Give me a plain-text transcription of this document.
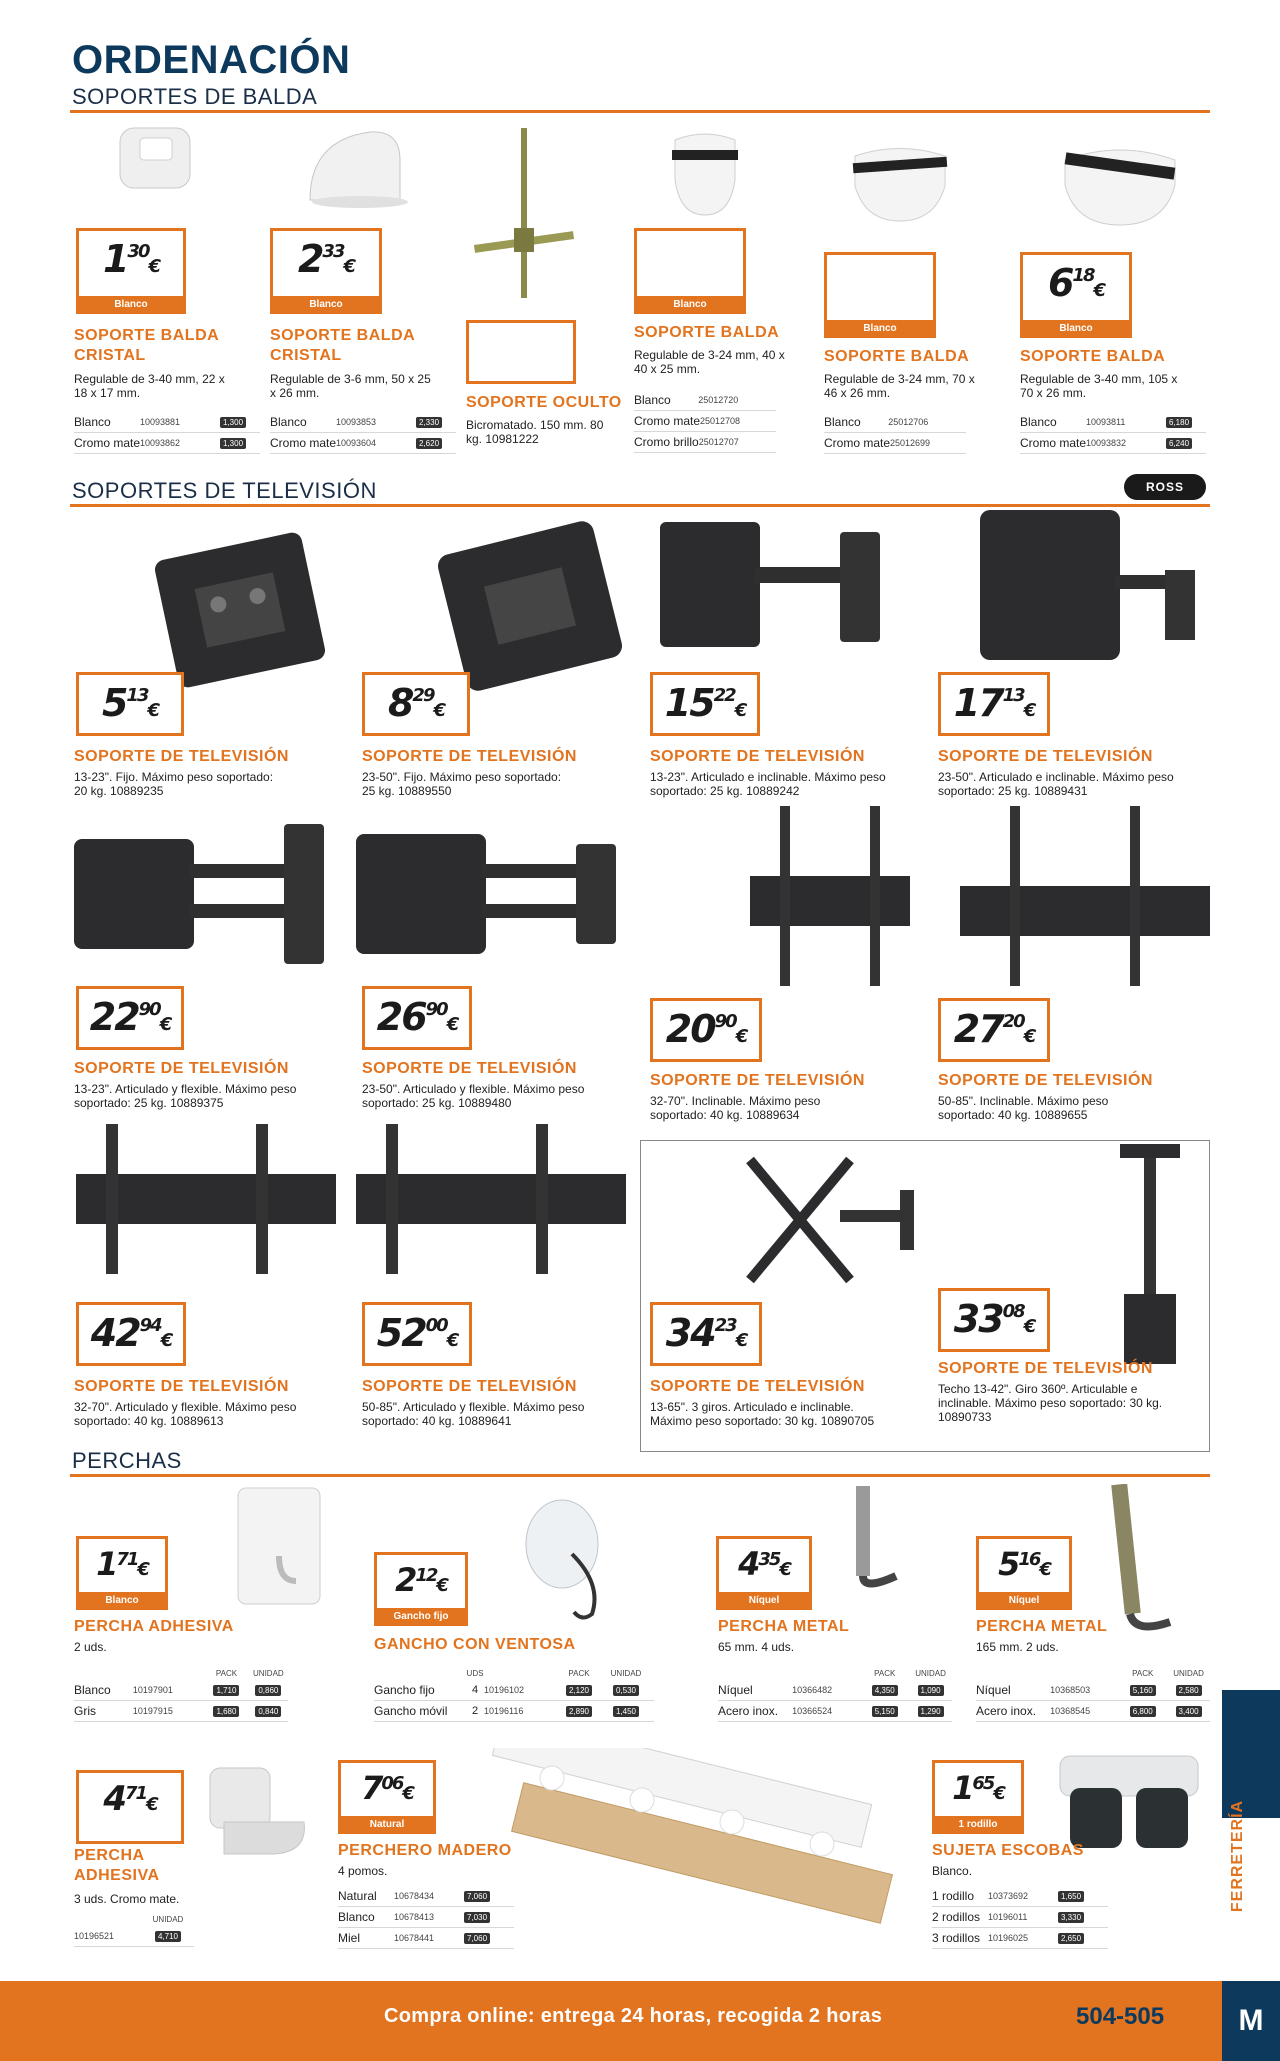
ORDENACIÓN
SOPORTES DE BALDA
$1^{30}€$
Blanco
SOPORTE BALDA CRISTAL
Regulable de 3-40 mm, 22 x 18 x 17 mm.
Blanco	10093881	1,300
Cromo mate 10093862	1,300
$2^{33}€$
Blanco
SOPORTE BALDA CRISTAL
Regulable de 3-6 mm, 50 x 25 x 26 mm.
Blanco	10093853	2,330
Cromo mate 10093604	2,620
SOPORTE OCULTO
Bicromatado. 150 mm. 80 kg. 10981222
Blanco
SOPORTE BALDA
Regulable de 3-24 mm, 40 x 40 x 25 mm.
Blanco	25012720
Cromo mate 25012708
Cromo brillo 25012707
Blanco
SOPORTE BALDA
Regulable de 3-24 mm, 70 x 46 x 26 mm.
Blanco	25012706
Cromo mate 25012699
$6^{18}€$
Blanco
SOPORTE BALDA
Regulable de 3-40 mm, 105 x 70 x 26 mm.
Blanco	10093811	6,180
Cromo mate 10093832	6,240
SOPORTES DE TELEVISIÓN	ROSS
$5^{13}€$
SOPORTE DE TELEVISIÓN
13-23". Fijo. Máximo peso soportado: 20 kg. 10889235
$8^{29}€$
SOPORTE DE TELEVISIÓN
23-50". Fijo. Máximo peso soportado: 25 kg. 10889550
$15^{22}€$
SOPORTE DE TELEVISIÓN
13-23". Articulado e inclinable. Máximo peso soportado: 25 kg. 10889242
$17^{13}€$
SOPORTE DE TELEVISIÓN
23-50". Articulado e inclinable. Máximo peso soportado: 25 kg. 10889431
$22^{90}€$
SOPORTE DE TELEVISIÓN
13-23". Articulado y flexible. Máximo peso soportado: 25 kg. 10889375
$26^{90}€$
SOPORTE DE TELEVISIÓN
23-50". Articulado y flexible. Máximo peso soportado: 25 kg. 10889480
$20^{90}€$
SOPORTE DE TELEVISIÓN
32-70". Inclinable. Máximo peso soportado: 40 kg. 10889634
$27^{20}€$
SOPORTE DE TELEVISIÓN
50-85". Inclinable. Máximo peso soportado: 40 kg. 10889655
$42^{94}€$
SOPORTE DE TELEVISIÓN
32-70". Articulado y flexible. Máximo peso soportado: 40 kg. 10889613
$52^{00}€$
SOPORTE DE TELEVISIÓN
50-85". Articulado y flexible. Máximo peso soportado: 40 kg. 10889641
$34^{23}€$
SOPORTE DE TELEVISIÓN
13-65". 3 giros. Articulado e inclinable. Máximo peso soportado: 30 kg. 10890705
$33^{08}€$
SOPORTE DE TELEVISIÓN
Techo 13-42". Giro 360º. Articulable e inclinable. Máximo peso soportado: 30 kg. 10890733
PERCHAS
$1^{71}€$
Blanco
PERCHA ADHESIVA
2 uds.
PACK	UNIDAD
Blanco	10197901	1,710	0,860
Gris	10197915	1,680	0,840
$2^{12}€$
Gancho fijo
GANCHO CON VENTOSA
UDS	PACK	UNIDAD
Gancho fijo	4 10196102	2,120	0,530
Gancho móvil	2 10196116	2,890	1,450
$4^{35}€$
Níquel
PERCHA METAL
65 mm. 4 uds.
PACK	UNIDAD
Níquel	10366482	4,350	1,090
Acero inox.	10366524	5,150	1,290
$5^{16}€$
Níquel
PERCHA METAL
165 mm. 2 uds.
PACK	UNIDAD
Níquel	10368503	5,160	2,580
Acero inox.	10368545	6,800	3,400
$4^{71}€$
PERCHA ADHESIVA
3 uds. Cromo mate.
UNIDAD
10196521	4,710
$7^{06}€$
Natural
PERCHERO MADERO
4 pomos.
Natural	10678434	7,060
Blanco	10678413	7,030
Miel	10678441	7,060
$1^{65}€$
1 rodillo
SUJETA ESCOBAS
Blanco.
1 rodillo	10373692	1,650
2 rodillos 10196011	3,330
3 rodillos 10196025	2,650
FERRETERÍA
Compra online: entrega 24 horas, recogida 2 horas	504-505	M
